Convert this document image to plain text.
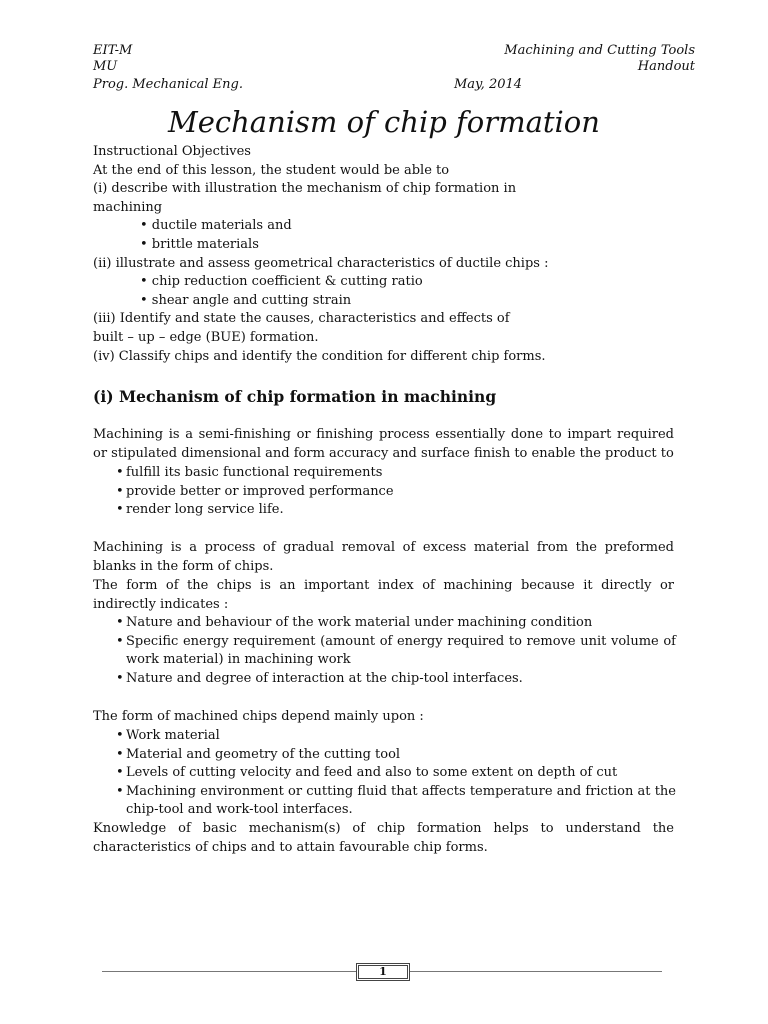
EIT-M
MU
Prog. Mechanical Eng.	May, 2014
Machining and Cutting Tools
Handout
Mechanism of chip formation
Instructional Objectives
At the end of this lesson, the student would be able to
(i) describe with illustration the mechanism of chip formation in
machining
• ductile materials and
• brittle materials
(ii) illustrate and assess geometrical characteristics of ductile chips :
• chip reduction coefficient & cutting ratio
• shear angle and cutting strain
(iii) Identify and state the causes, characteristics and effects of
built – up – edge (BUE) formation.
(iv) Classify chips and identify the condition for different chip forms.
(i) Mechanism of chip formation in machining

Machining is a semi-finishing or finishing process essentially done to impart required or stipulated dimensional and form accuracy and surface finish to enable the product to

• fulfill its basic functional requirements
• provide better or improved performance
• render long service life.

Machining is a process of gradual removal of excess material from the preformed blanks in the form of chips.

The form of the chips is an important index of machining because it directly or indirectly indicates :

• Nature and behaviour of the work material under machining condition
• Specific energy requirement (amount of energy required to remove unit volume of work material) in machining work
• Nature and degree of interaction at the chip-tool interfaces.

The form of machined chips depend mainly upon :

• Work material
• Material and geometry of the cutting tool
• Levels of cutting velocity and feed and also to some extent on depth of cut
• Machining environment or cutting fluid that affects temperature and friction at the chip-tool and work-tool interfaces.

Knowledge of basic mechanism(s) of chip formation helps to understand the characteristics of chips and to attain favourable chip forms.

1
